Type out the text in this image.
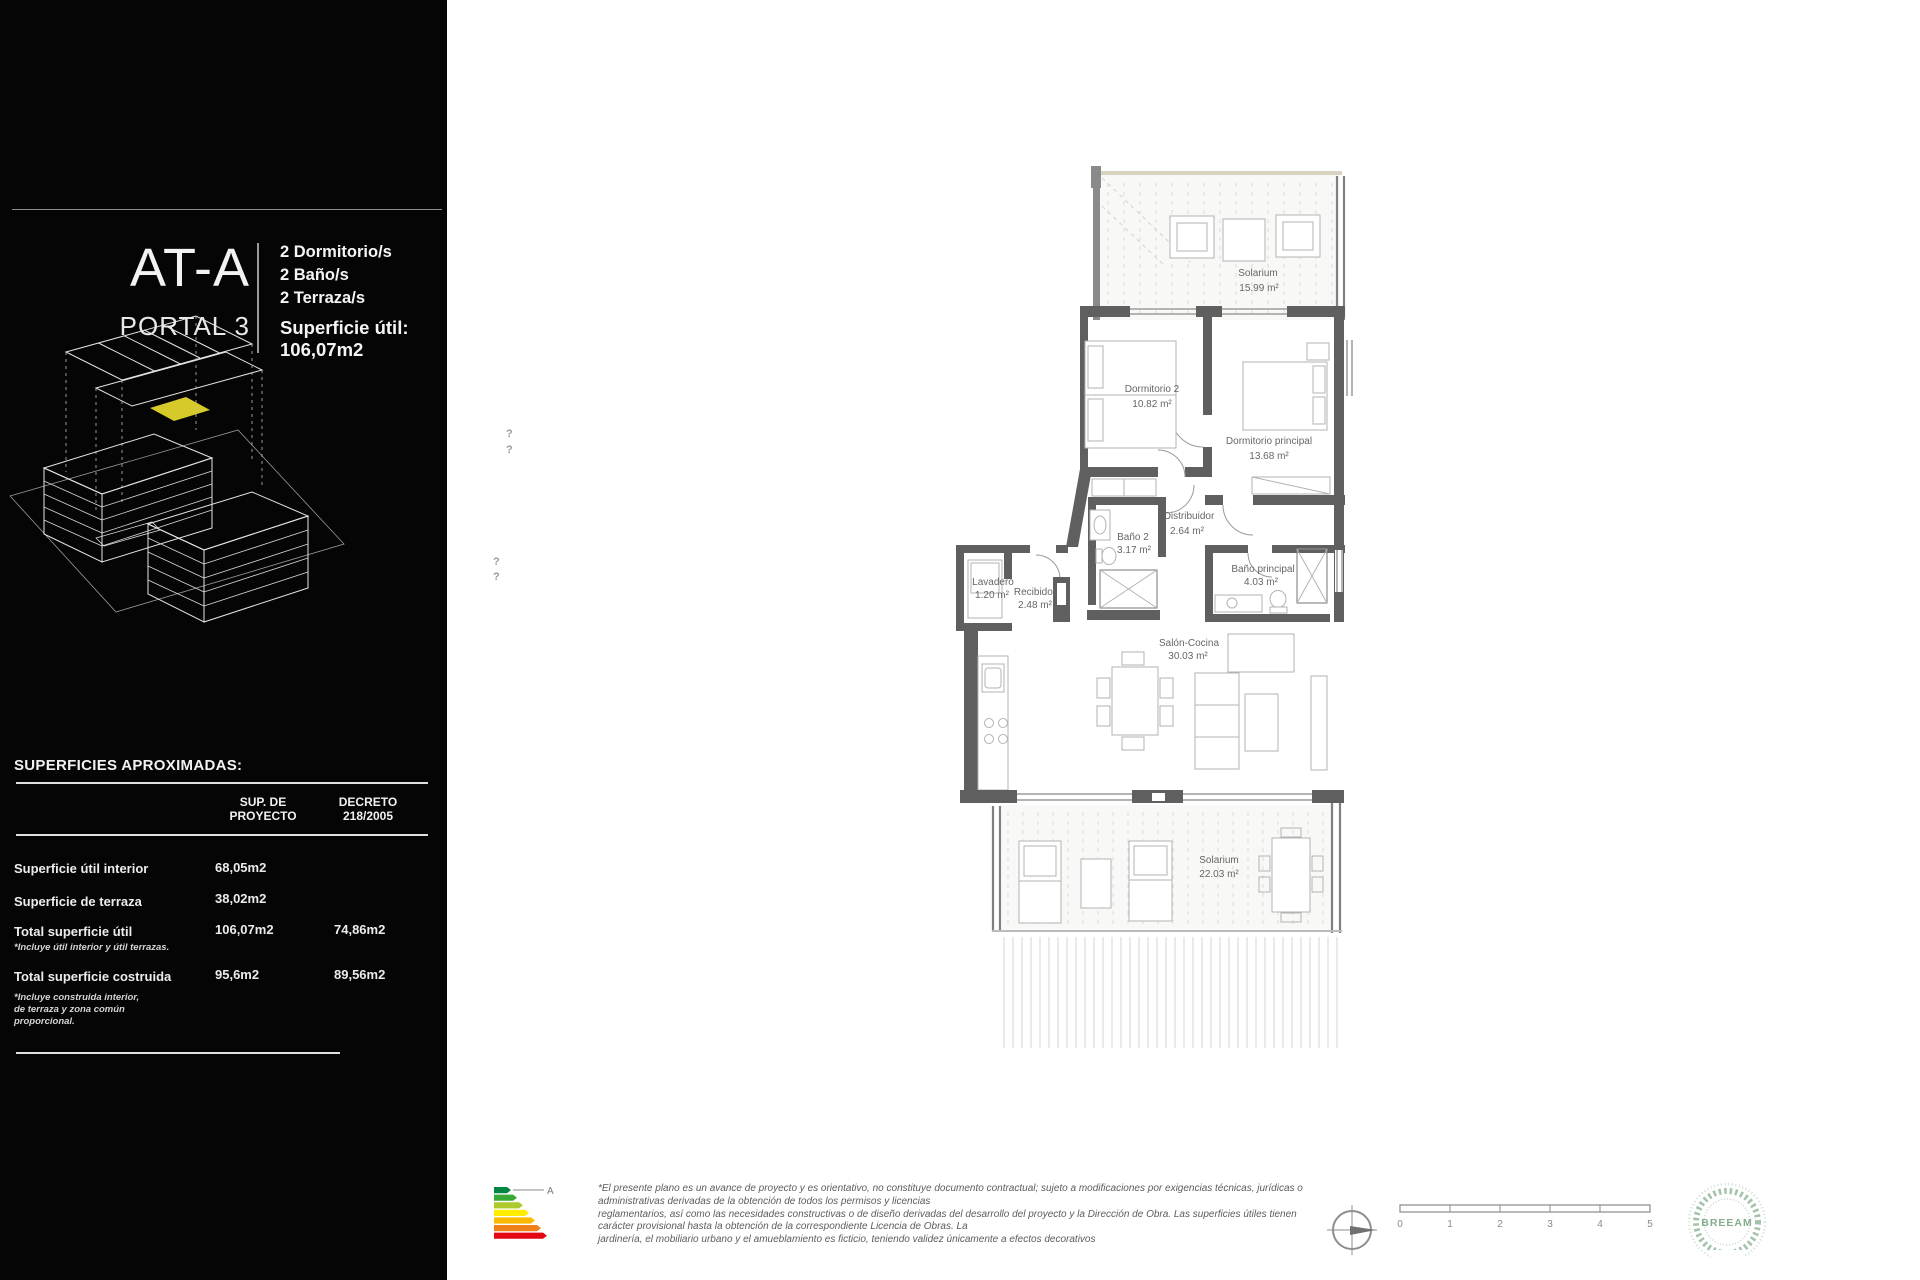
AT-A
PORTAL 3
2 Dormitorio/s
2 Baño/s
2 Terraza/s
Superficie útil:
106,07m2
SUPERFICIES APROXIMADAS:
SUP. DE
PROYECTO
DECRETO
218/2005
Superficie útil interior	68,05m2
Superficie de terraza	38,02m2
Total superficie útil	106,07m2	74,86m2
*Incluye útil interior y útil terrazas.
Total superficie costruida	95,6m2	89,56m2
*Incluye construida interior,
de terraza y zona común
proporcional.
?
?
?
?
Solarium
15.99 m²
Dormitorio 2
10.82 m²
Dormitorio principal
13.68 m²
Lavadero
1.20 m² Recibidor
2.48 m²
Distribuidor
2.64 m²
Baño 2
3.17 m²
Baño principal
4.03 m²
Salón-Cocina
30.03 m²
Solarium
22.03 m²
A
0	1	2	3	4	5	BREEAM
*El presente plano es un avance de proyecto y es orientativo, no constituye documento contractual; sujeto a modificaciones por exigencias técnicas, jurídicas o
administrativas derivadas de la obtención de todos los permisos y licencias
reglamentarios, así como las necesidades constructivas o de diseño derivadas del desarrollo del proyecto y la Dirección de Obra. Las superficies útiles tienen
carácter provisional hasta la obtención de la correspondiente Licencia de Obras. La
jardinería, el mobiliario urbano y el amueblamiento es ficticio, teniendo validez únicamente a efectos decorativos
